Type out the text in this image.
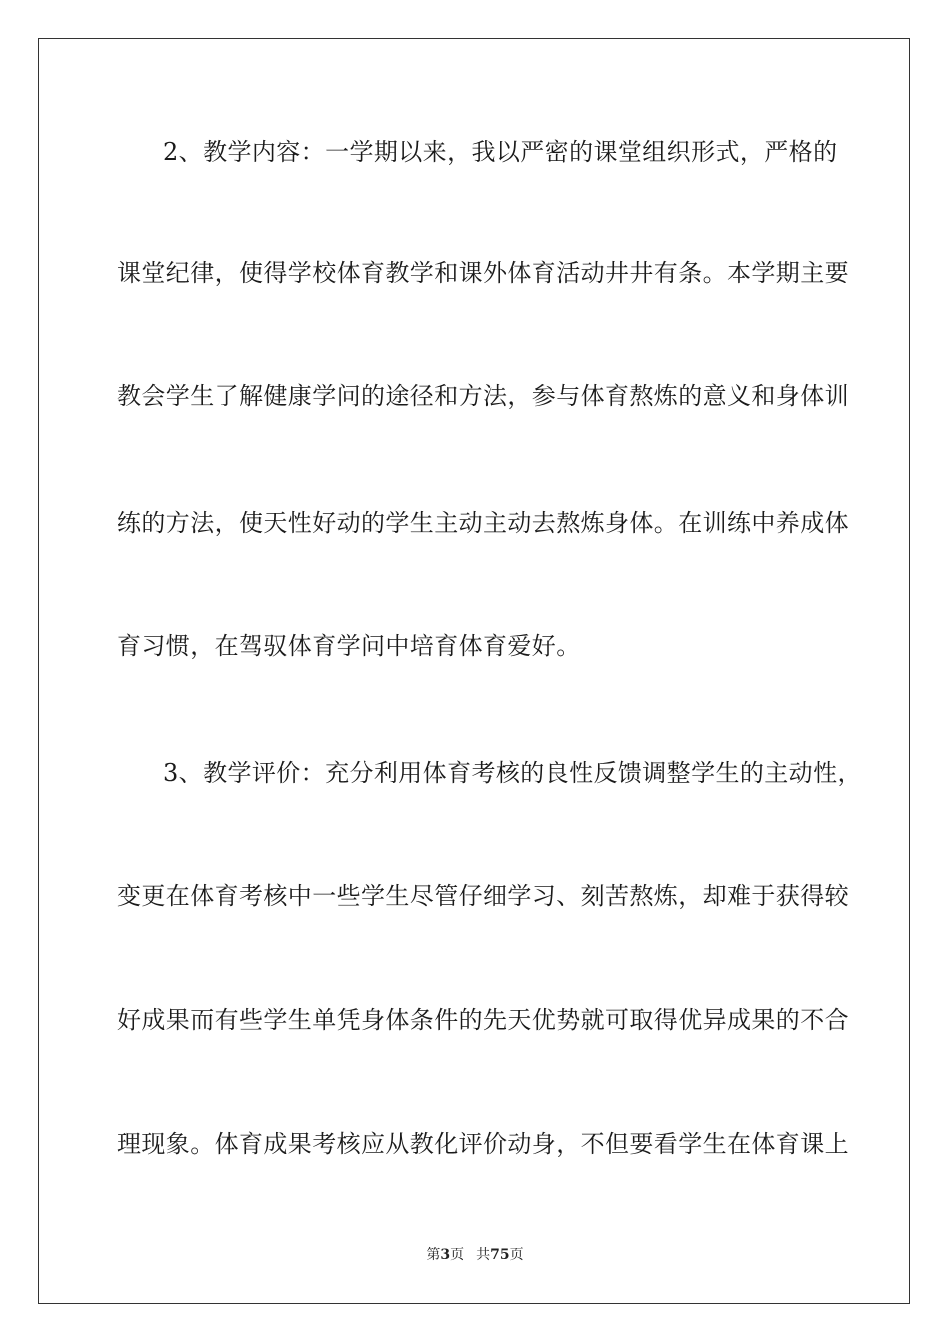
2、教学内容：一学期以来，我以严密的课堂组织形式，严格的
课堂纪律，使得学校体育教学和课外体育活动井井有条。本学期主要
教会学生了解健康学问的途径和方法，参与体育熬炼的意义和身体训
练的方法，使天性好动的学生主动主动去熬炼身体。在训练中养成体
育习惯，在驾驭体育学问中培育体育爱好。
3、教学评价：充分利用体育考核的良性反馈调整学生的主动性，
变更在体育考核中一些学生尽管仔细学习、刻苦熬炼，却难于获得较
好成果而有些学生单凭身体条件的先天优势就可取得优异成果的不合
理现象。体育成果考核应从教化评价动身，不但要看学生在体育课上
第3页 共75页
